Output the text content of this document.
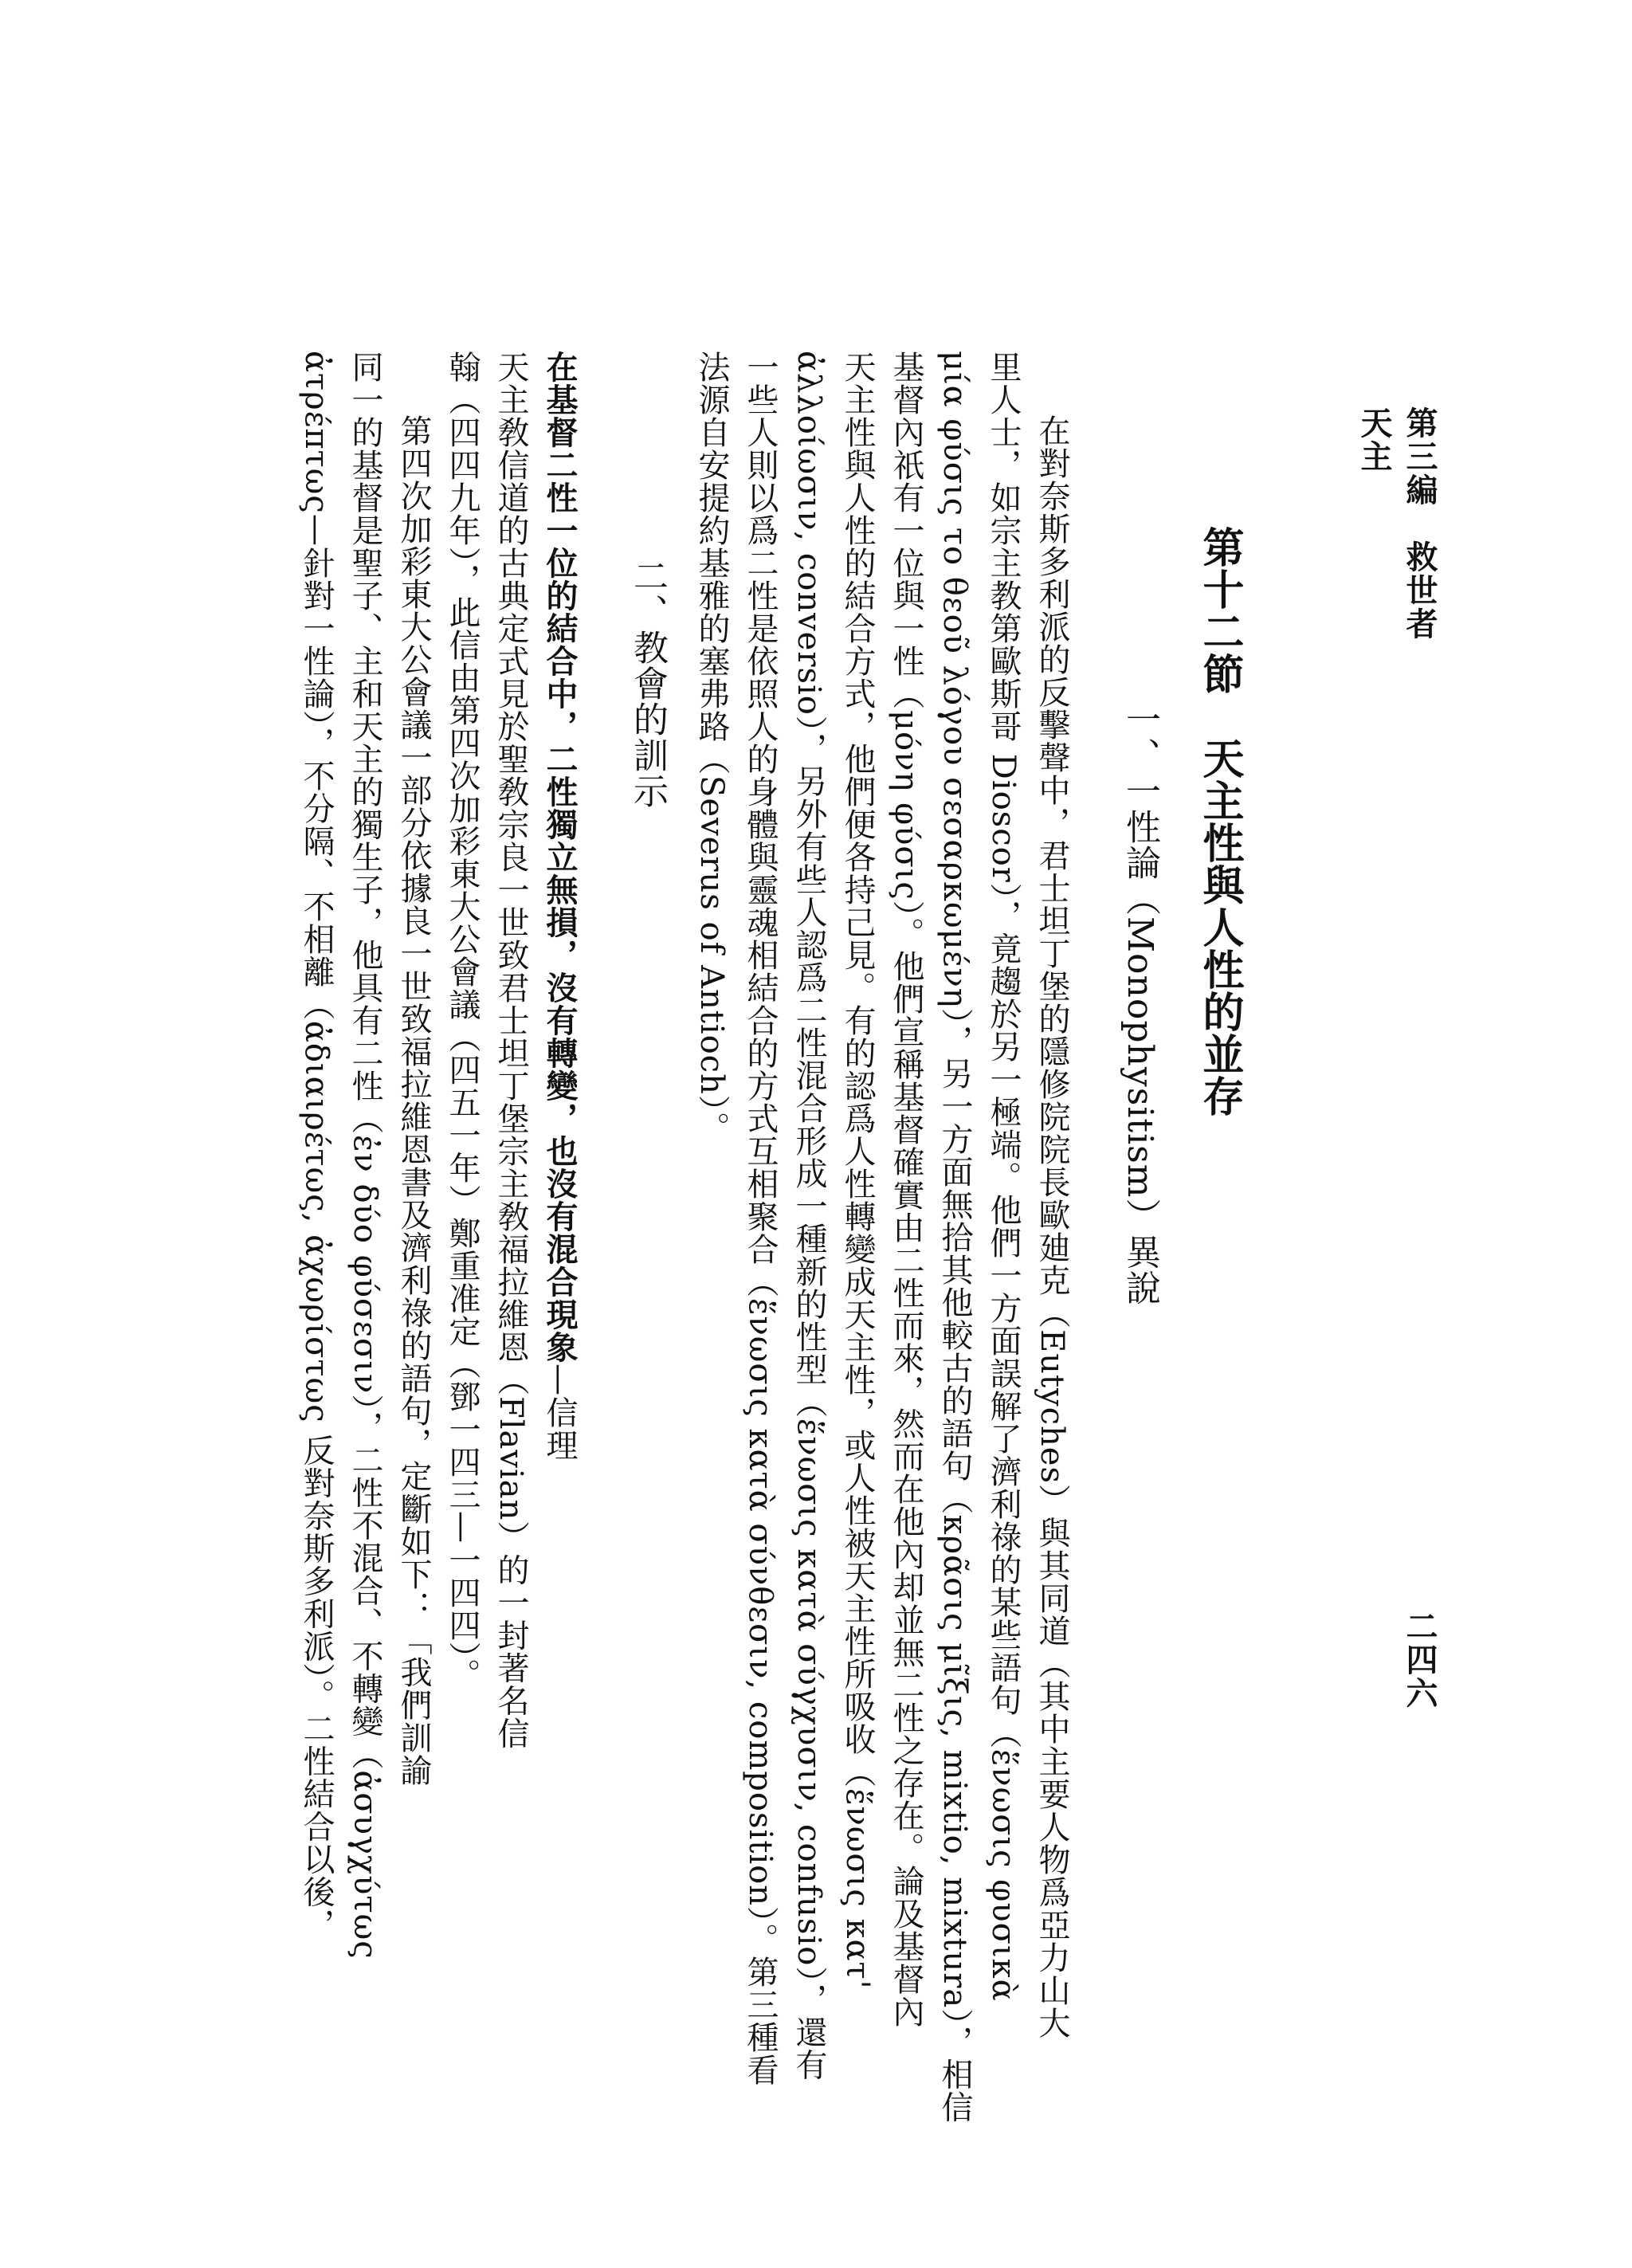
第三編　救世者天主
二四六

第十二節　天主性與人性的並存

一、一性論（Monophysitism）異說

在對奈斯多利派的反擊聲中，君士坦丁堡的隱修院院長歐廸克（Eutyches）與其同道（其中主要人物爲亞力山大

里人士，如宗主教第歐斯哥 Dioscor），竟趨於另一極端。他們一方面誤解了濟利祿的某些語句（ἕνωσις φυσικὰ

μία φύσις το θεοῦ λόγου σεσαρκωμένη），另一方面無拾其他較古的語句（κρᾶσις μῖξις, mixtio, mixtura），相信

基督內祇有一位與一性（μόνη φύσις）。他們宣稱基督確實由二性而來，然而在他內却並無二性之存在。論及基督內

天主性與人性的結合方式，他們便各持己見。有的認爲人性轉變成天主性，或人性被天主性所吸收（ἕνωσις κατ'

ἀλλοίωσιν, conversio），另外有些人認爲二性混合形成一種新的性型（ἕνωσις κατὰ σύγχυσιν, confusio），還有

一些人則以爲二性是依照人的身體與靈魂相結合的方式互相聚合（ἕνωσις κατὰ σύνθεσιν, composition）。第三種看

法源自安提約基雅的塞弗路（Severus of Antioch）。

二、教會的訓示

在基督二性一位的結合中，二性獨立無損，沒有轉變，也沒有混合現象—信理

天主敎信道的古典定式見於聖敎宗良一世致君士坦丁堡宗主敎福拉維恩（Flavian）的一封著名信

翰（四四九年），此信由第四次加彩東大公會議（四五一年）鄭重准定（鄧一四三—一四四）。

第四次加彩東大公會議一部分依據良一世致福拉維恩書及濟利祿的語句，定斷如下：「我們訓諭

同一的基督是聖子、主和天主的獨生子，他具有二性（ἐν δύο φύσεσιν），二性不混合、不轉變（ἀσυγχύτως

ἀτρέπτως—針對一性論），不分隔、不相離（ἀδιαιρέτως, ἀχωρίστως 反對奈斯多利派）。二性結合以後，
